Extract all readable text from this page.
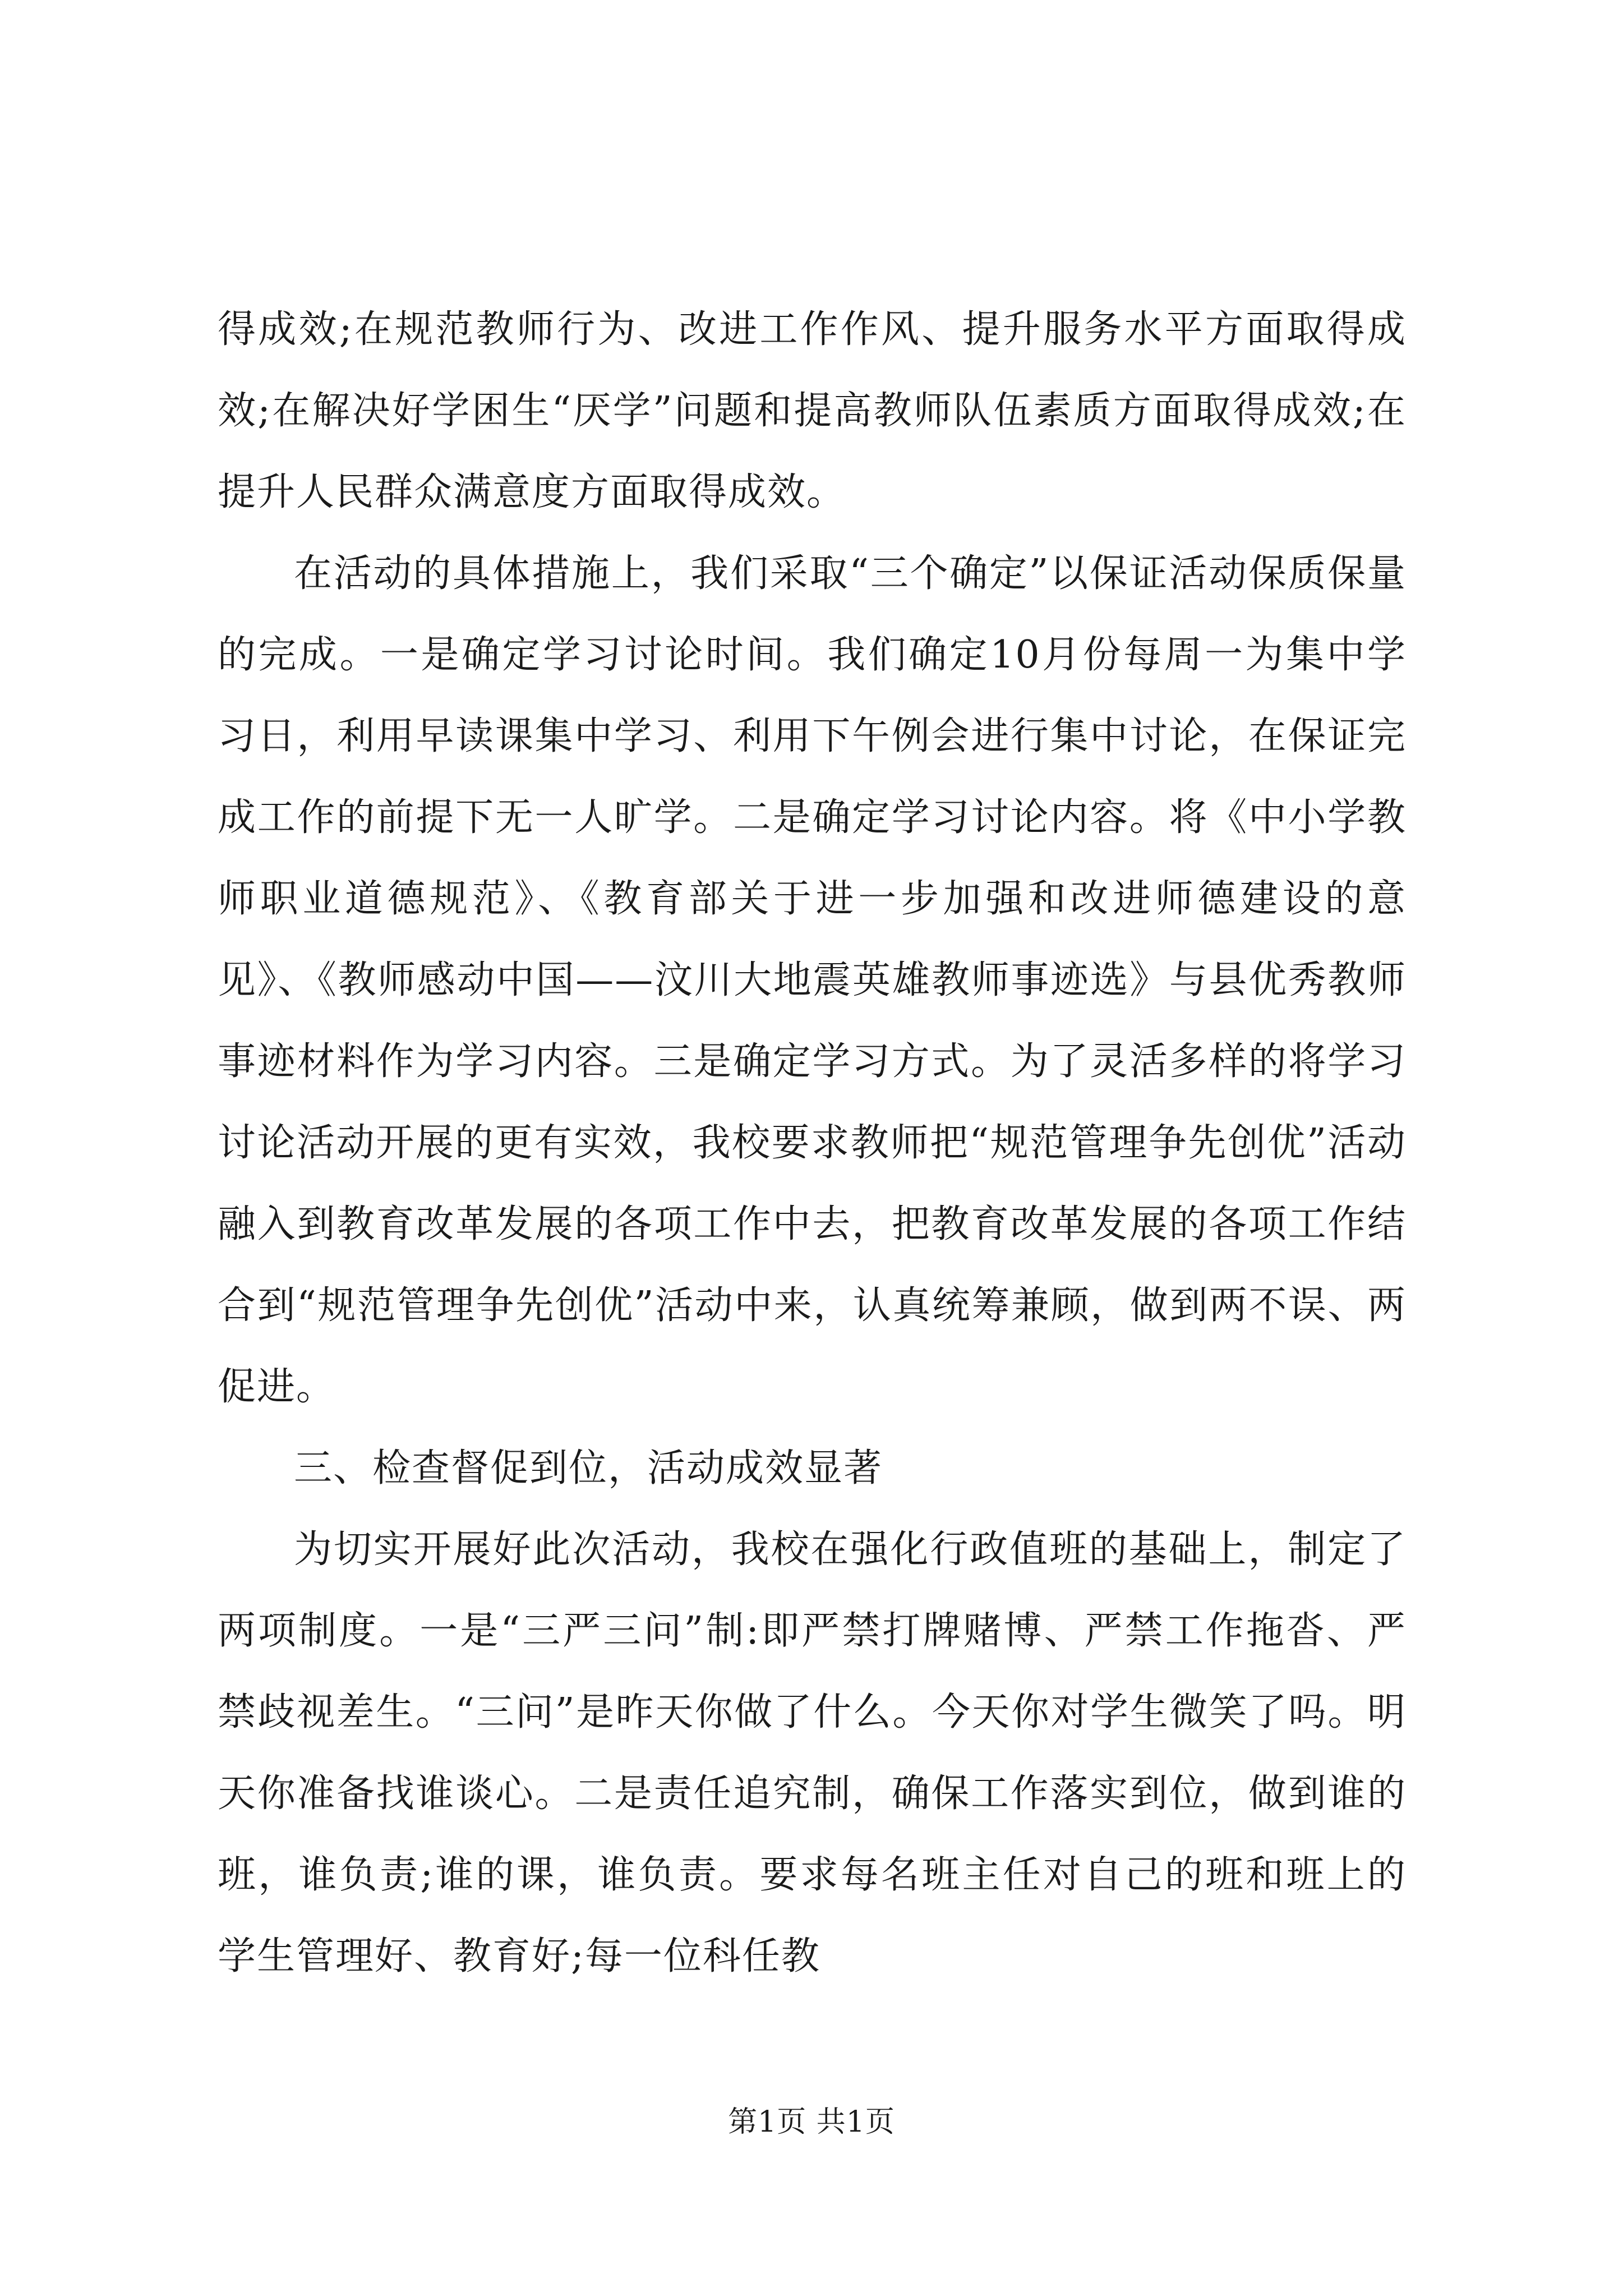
得成效;在规范教师行为、改进工作作风、提升服务水平方面取得成效;在解决好学困生“厌学”问题和提高教师队伍素质方面取得成效;在提升人民群众满意度方面取得成效。

在活动的具体措施上，我们采取“三个确定”以保证活动保质保量的完成。一是确定学习讨论时间。我们确定10月份每周一为集中学习日，利用早读课集中学习、利用下午例会进行集中讨论，在保证完成工作的前提下无一人旷学。二是确定学习讨论内容。将《中小学教师职业道德规范》、《教育部关于进一步加强和改进师德建设的意见》、《教师感动中国——汶川大地震英雄教师事迹选》与县优秀教师事迹材料作为学习内容。三是确定学习方式。为了灵活多样的将学习讨论活动开展的更有实效，我校要求教师把“规范管理争先创优”活动融入到教育改革发展的各项工作中去，把教育改革发展的各项工作结合到“规范管理争先创优”活动中来，认真统筹兼顾，做到两不误、两促进。

三、检查督促到位，活动成效显著

为切实开展好此次活动，我校在强化行政值班的基础上，制定了两项制度。一是“三严三问”制:即严禁打牌赌博、严禁工作拖沓、严禁歧视差生。“三问”是昨天你做了什么。今天你对学生微笑了吗。明天你准备找谁谈心。二是责任追究制，确保工作落实到位，做到谁的班，谁负责;谁的课，谁负责。要求每名班主任对自己的班和班上的学生管理好、教育好;每一位科任教

第1页 共1页
